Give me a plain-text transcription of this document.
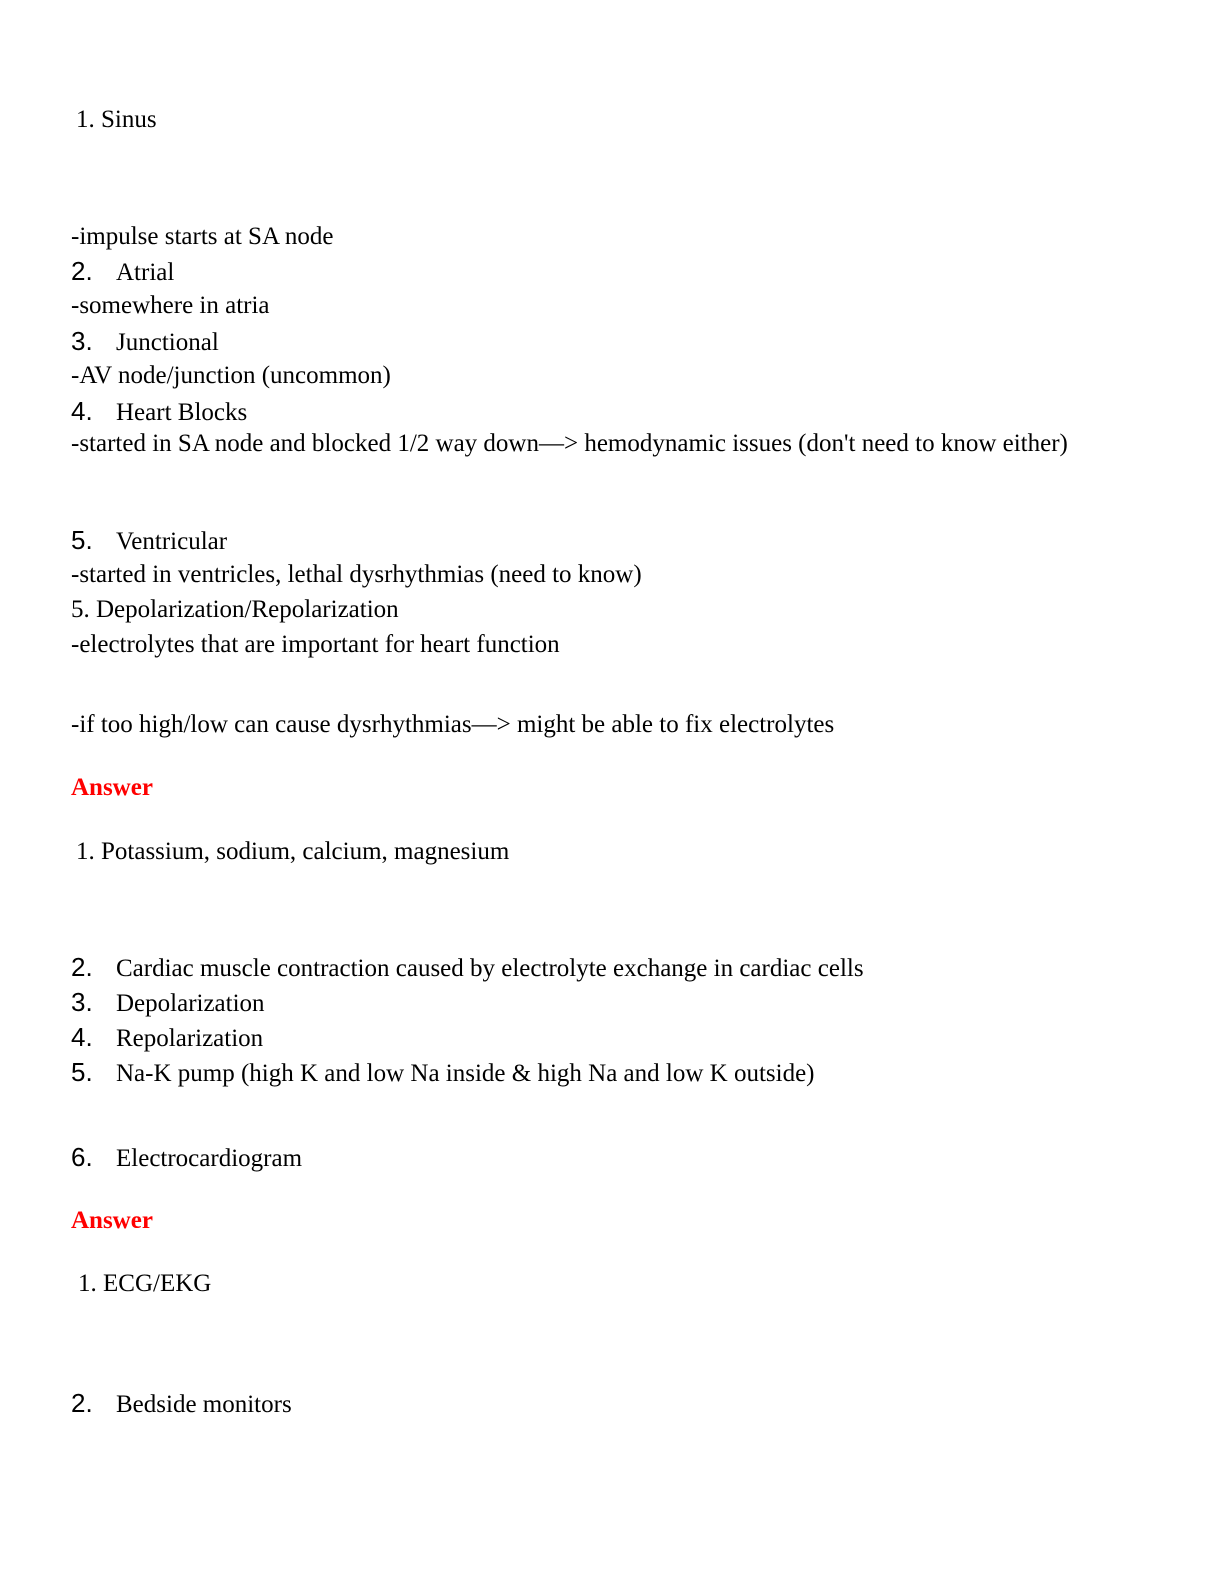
1. Sinus
-impulse starts at SA node
2. Atrial
-somewhere in atria
3. Junctional
-AV node/junction (uncommon)
4. Heart Blocks
-started in SA node and blocked 1/2 way down—> hemodynamic issues (don't need to know either)
5. Ventricular
-started in ventricles, lethal dysrhythmias (need to know)
5. Depolarization/Repolarization
-electrolytes that are important for heart function
-if too high/low can cause dysrhythmias—> might be able to fix electrolytes
Answer
1. Potassium, sodium, calcium, magnesium
2. Cardiac muscle contraction caused by electrolyte exchange in cardiac cells
3. Depolarization
4. Repolarization
5. Na-K pump (high K and low Na inside & high Na and low K outside)
6. Electrocardiogram
Answer
1. ECG/EKG
2. Bedside monitors
